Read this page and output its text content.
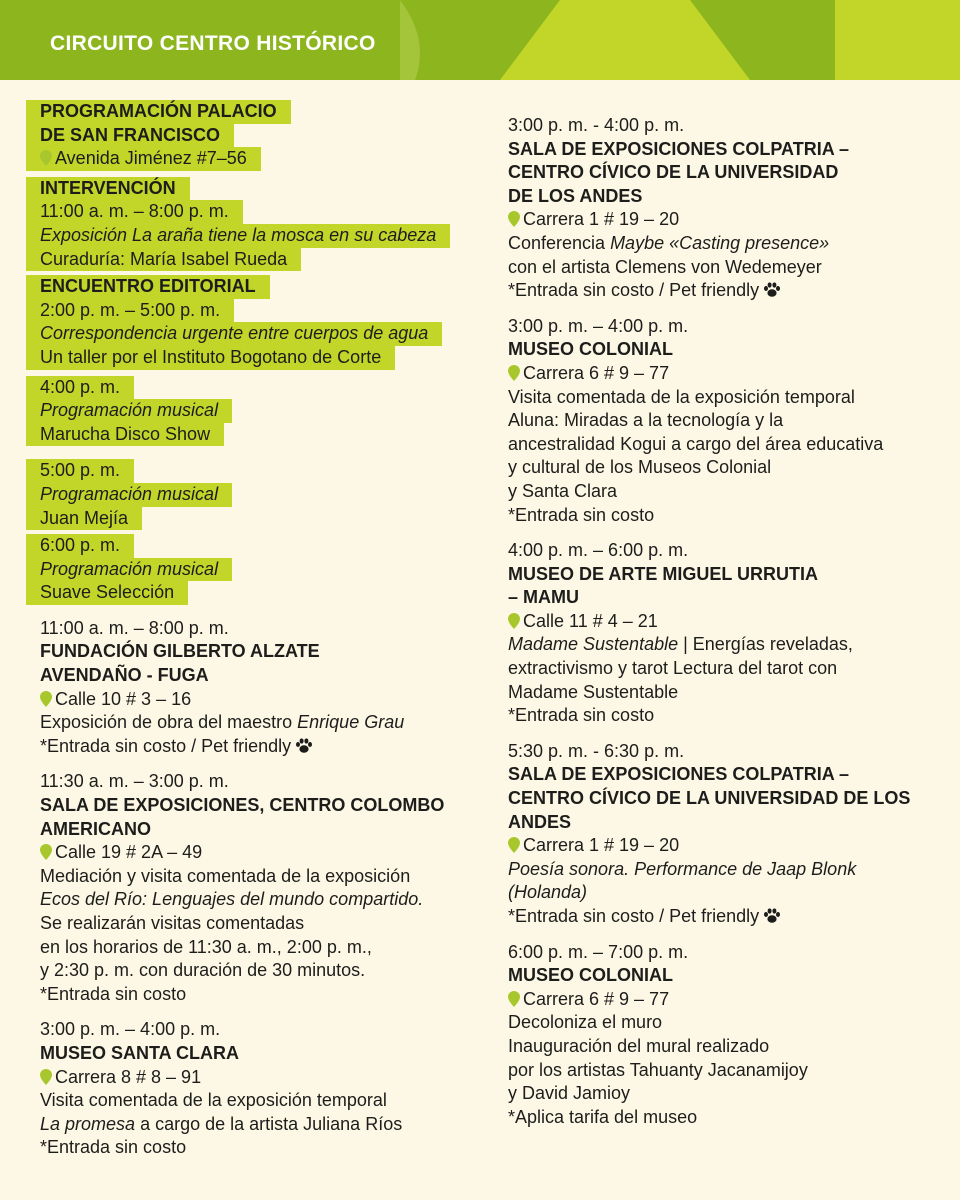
CIRCUITO CENTRO HISTÓRICO
PROGRAMACIÓN PALACIO
DE SAN FRANCISCO
Avenida Jiménez #7–56
INTERVENCIÓN
11:00 a. m. – 8:00 p. m.
Exposición La araña tiene la mosca en su cabeza
Curaduría: María Isabel Rueda
ENCUENTRO EDITORIAL
2:00 p. m. – 5:00 p. m.
Correspondencia urgente entre cuerpos de agua
Un taller por el Instituto Bogotano de Corte
4:00 p. m.
Programación musical
Marucha Disco Show
5:00 p. m.
Programación musical
Juan Mejía
6:00 p. m.
Programación musical
Suave Selección
11:00 a. m. – 8:00 p. m.
FUNDACIÓN GILBERTO ALZATE
AVENDAÑO - FUGA
Calle 10 # 3 – 16
Exposición de obra del maestro Enrique Grau
*Entrada sin costo / Pet friendly
11:30 a. m. – 3:00 p. m.
SALA DE EXPOSICIONES, CENTRO COLOMBO
AMERICANO
Calle 19 # 2A – 49
Mediación y visita comentada de la exposición
Ecos del Río: Lenguajes del mundo compartido.
Se realizarán visitas comentadas
en los horarios de 11:30 a. m., 2:00 p. m.,
y 2:30 p. m. con duración de 30 minutos.
*Entrada sin costo
3:00 p. m. – 4:00 p. m.
MUSEO SANTA CLARA
Carrera 8 # 8 – 91
Visita comentada de la exposición temporal
La promesa a cargo de la artista Juliana Ríos
*Entrada sin costo
3:00 p. m. - 4:00 p. m.
SALA DE EXPOSICIONES COLPATRIA –
CENTRO CÍVICO DE LA UNIVERSIDAD
DE LOS ANDES
Carrera 1 # 19 – 20
Conferencia Maybe «Casting presence»
con el artista Clemens von Wedemeyer
*Entrada sin costo / Pet friendly
3:00 p. m. – 4:00 p. m.
MUSEO COLONIAL
Carrera 6 # 9 – 77
Visita comentada de la exposición temporal
Aluna: Miradas a la tecnología y la
ancestralidad Kogui a cargo del área educativa
y cultural de los Museos Colonial
y Santa Clara
*Entrada sin costo
4:00 p. m. – 6:00 p. m.
MUSEO DE ARTE MIGUEL URRUTIA
– MAMU
Calle 11 # 4 – 21
Madame Sustentable | Energías reveladas,
extractivismo y tarot Lectura del tarot con
Madame Sustentable
*Entrada sin costo
5:30 p. m. - 6:30 p. m.
SALA DE EXPOSICIONES COLPATRIA –
CENTRO CÍVICO DE LA UNIVERSIDAD DE LOS
ANDES
Carrera 1 # 19 – 20
Poesía sonora. Performance de Jaap Blonk
(Holanda)
*Entrada sin costo / Pet friendly
6:00 p. m. – 7:00 p. m.
MUSEO COLONIAL
Carrera 6 # 9 – 77
Decoloniza el muro
Inauguración del mural realizado
por los artistas Tahuanty Jacanamijoy
y David Jamioy
*Aplica tarifa del museo
